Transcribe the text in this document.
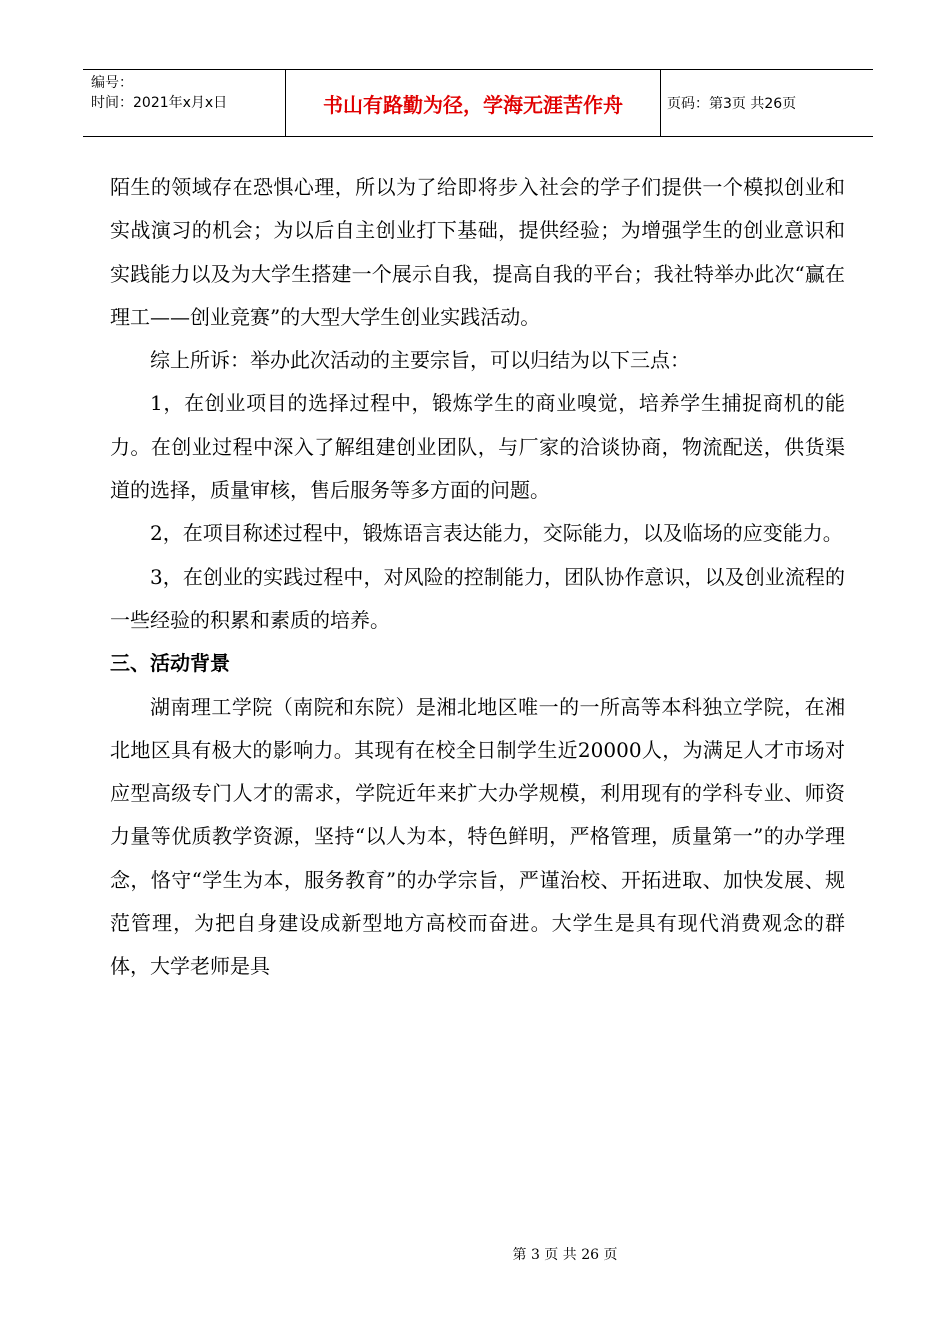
编号：
时间：2021年x月x日	书山有路勤为径，学海无涯苦作舟	页码：第3页 共26页

陌生的领域存在恐惧心理，所以为了给即将步入社会的学子们提供一个模拟创业和实战演习的机会；为以后自主创业打下基础，提供经验；为增强学生的创业意识和实践能力以及为大学生搭建一个展示自我，提高自我的平台；我社特举办此次“赢在理工——创业竞赛”的大型大学生创业实践活动。

综上所诉：举办此次活动的主要宗旨，可以归结为以下三点：

1，在创业项目的选择过程中，锻炼学生的商业嗅觉，培养学生捕捉商机的能力。在创业过程中深入了解组建创业团队，与厂家的洽谈协商，物流配送，供货渠道的选择，质量审核，售后服务等多方面的问题。

2，在项目称述过程中，锻炼语言表达能力，交际能力，以及临场的应变能力。

3，在创业的实践过程中，对风险的控制能力，团队协作意识，以及创业流程的一些经验的积累和素质的培养。

三、活动背景

湖南理工学院（南院和东院）是湘北地区唯一的一所高等本科独立学院，在湘北地区具有极大的影响力。其现有在校全日制学生近20000人，为满足人才市场对应型高级专门人才的需求，学院近年来扩大办学规模，利用现有的学科专业、师资力量等优质教学资源，坚持“以人为本，特色鲜明，严格管理，质量第一”的办学理念，恪守“学生为本，服务教育”的办学宗旨，严谨治校、开拓进取、加快发展、规范管理，为把自身建设成新型地方高校而奋进。大学生是具有现代消费观念的群体，大学老师是具

第 3 页 共 26 页
